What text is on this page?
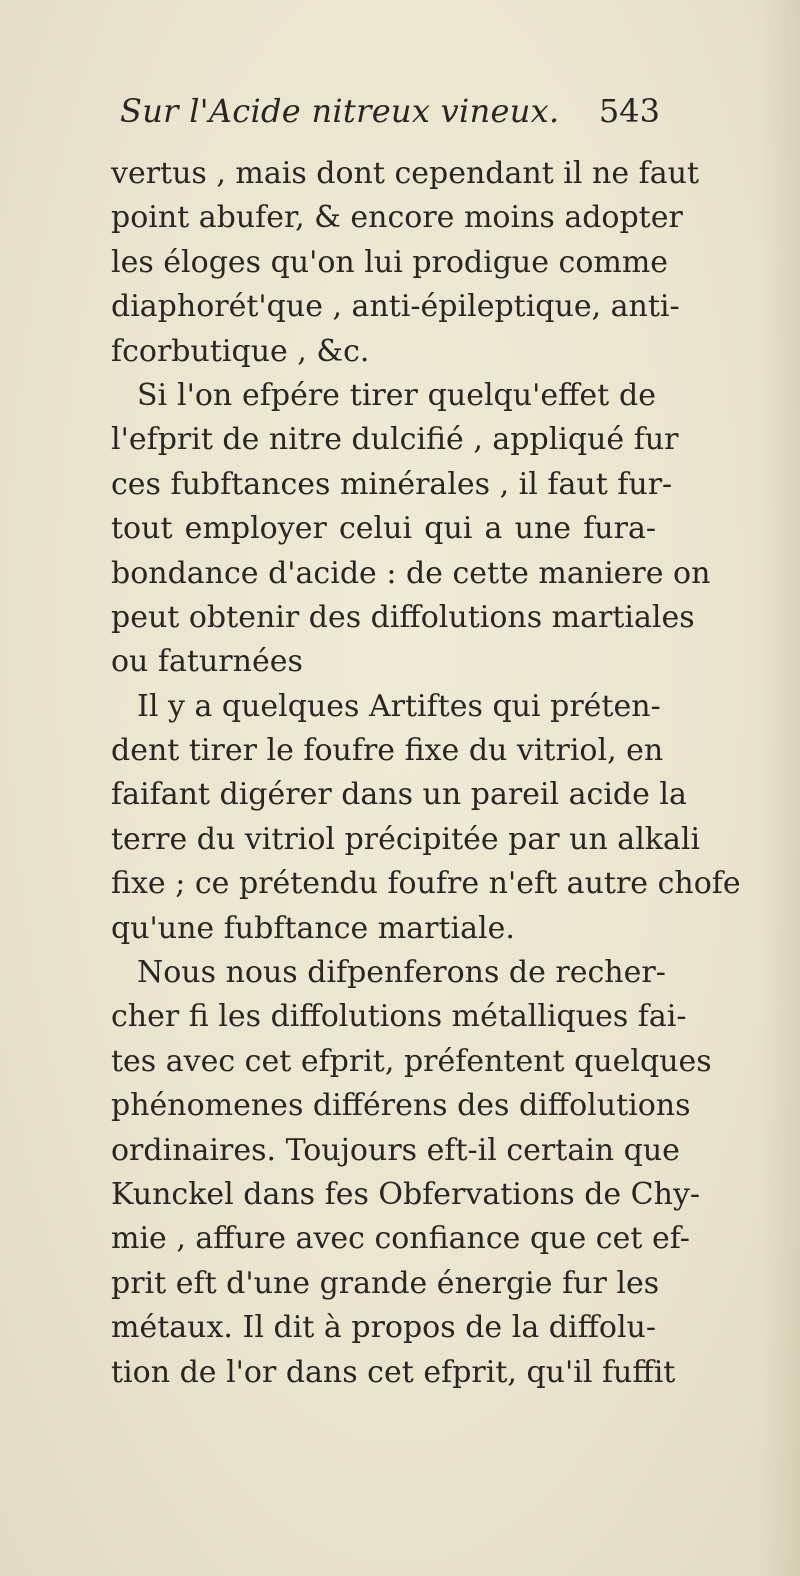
Sur l'Acide nitreux vineux. 543
vertus , mais dont cependant il ne faut
point abufer, & encore moins adopter
les éloges qu'on lui prodigue comme
diaphorét'que , anti-épileptique, anti-
fcorbutique , &c.
Si l'on efpére tirer quelqu'effet de
l'efprit de nitre dulcifié , appliqué fur
ces fubftances minérales , il faut fur-
tout employer celui qui a une fura-
bondance d'acide : de cette maniere on
peut obtenir des diffolutions martiales
ou faturnées
Il y a quelques Artiftes qui préten-
dent tirer le foufre fixe du vitriol, en
faifant digérer dans un pareil acide la
terre du vitriol précipitée par un alkali
fixe ; ce prétendu foufre n'eft autre chofe
qu'une fubftance martiale.
Nous nous difpenferons de recher-
cher fi les diffolutions métalliques fai-
tes avec cet efprit, préfentent quelques
phénomenes différens des diffolutions
ordinaires. Toujours eft-il certain que
Kunckel dans fes Obfervations de Chy-
mie , affure avec confiance que cet ef-
prit eft d'une grande énergie fur les
métaux. Il dit à propos de la diffolu-
tion de l'or dans cet efprit, qu'il fuffit
